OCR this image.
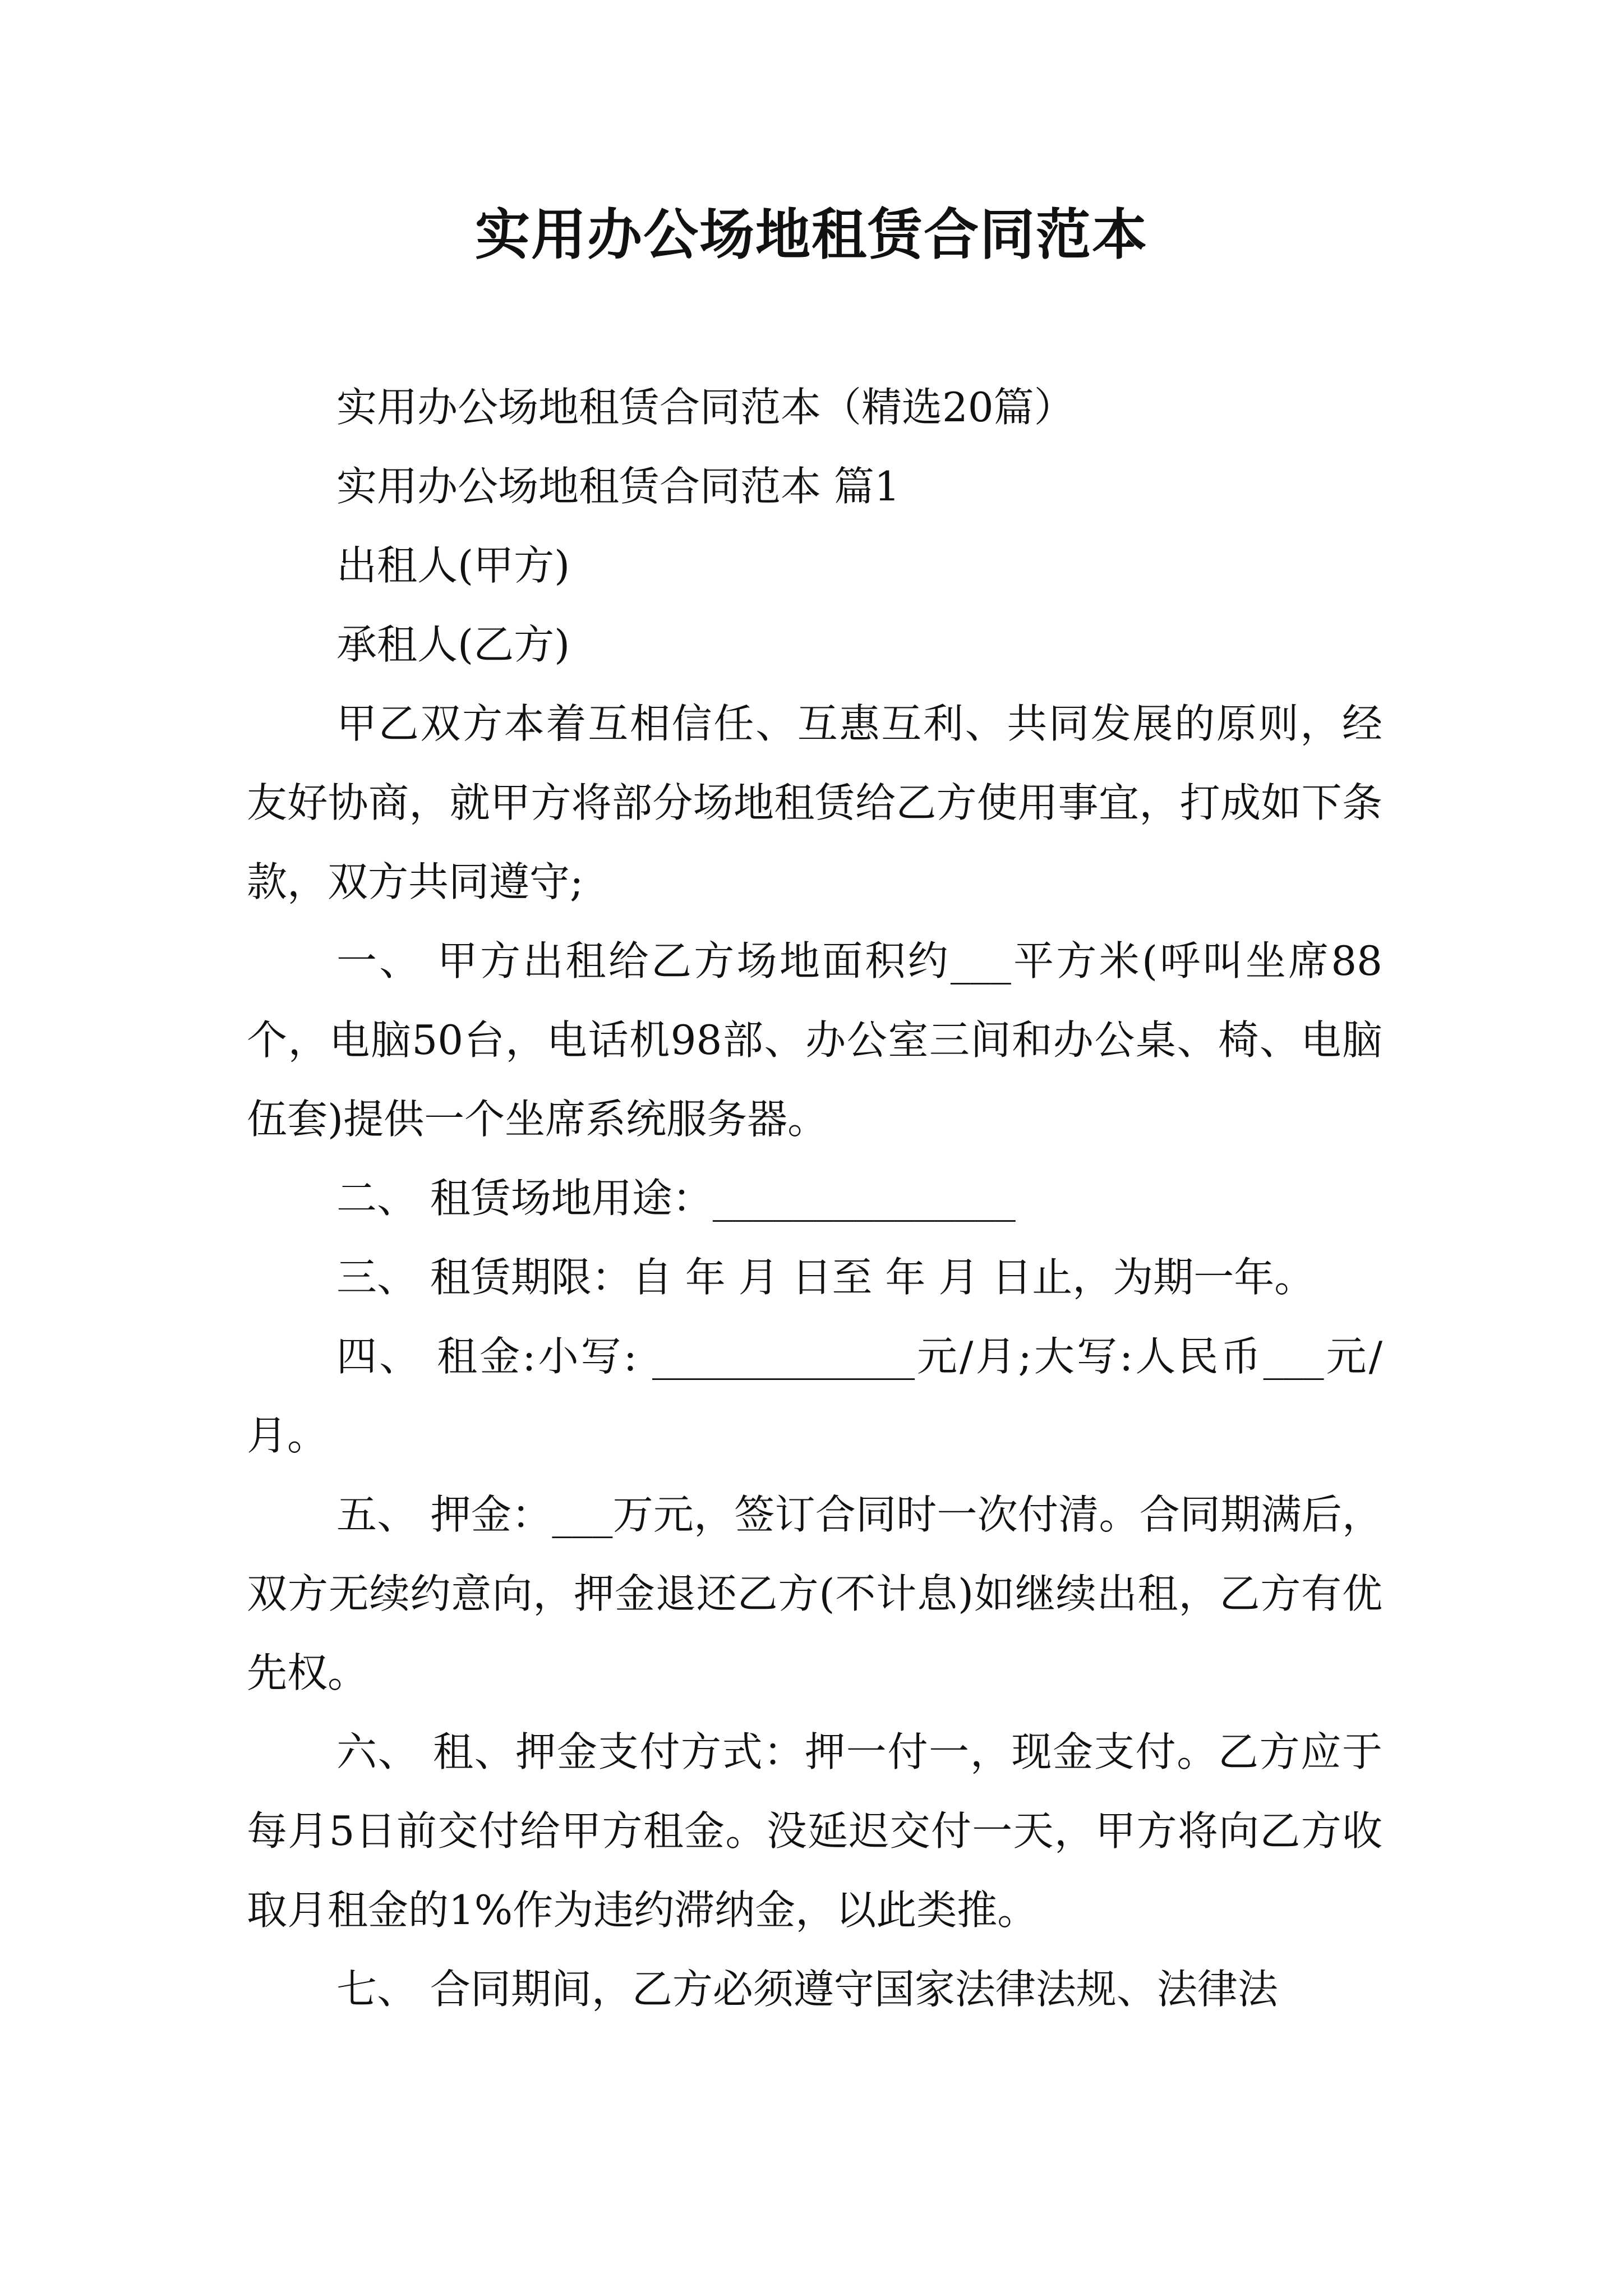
实用办公场地租赁合同范本

实用办公场地租赁合同范本（精选20篇）

实用办公场地租赁合同范本 篇1

出租人(甲方)

承租人(乙方)

甲乙双方本着互相信任、互惠互利、共同发展的原则，经友好协商，就甲方将部分场地租赁给乙方使用事宜，打成如下条款，双方共同遵守;

一、 甲方出租给乙方场地面积约___平方米(呼叫坐席88个，电脑50台，电话机98部、办公室三间和办公桌、椅、电脑伍套)提供一个坐席系统服务器。

二、 租赁场地用途：_______________

三、 租赁期限：自 年 月 日至 年 月 日止，为期一年。

四、 租金:小写: _____________元/月;大写:人民币___元/月。

五、 押金：___万元，签订合同时一次付清。合同期满后，双方无续约意向，押金退还乙方(不计息)如继续出租，乙方有优先权。

六、 租、押金支付方式：押一付一，现金支付。乙方应于每月5日前交付给甲方租金。没延迟交付一天，甲方将向乙方收取月租金的1%作为违约滞纳金，以此类推。

七、 合同期间，乙方必须遵守国家法律法规、法律法
